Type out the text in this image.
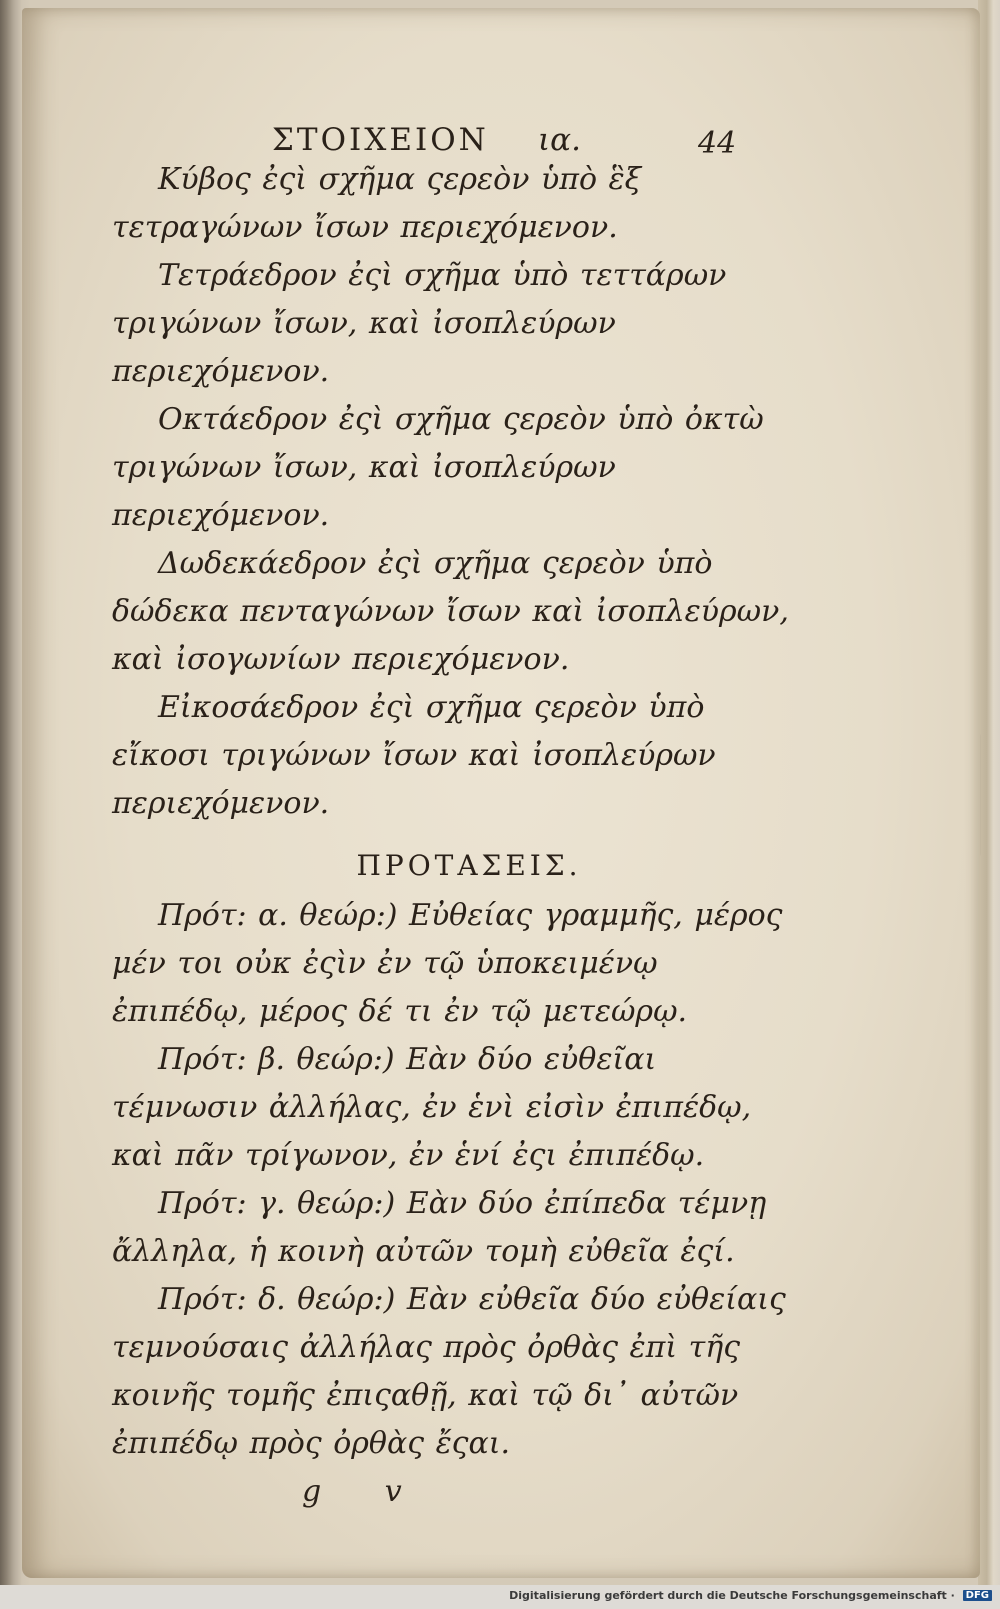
ΣΤΟΙΧΕΙΟΝ ια.	44

Κύβος ἐςὶ σχῆμα ςερεὸν ὑπὸ ἓξ τετραγώνων ἴσων περιεχόμενον.

Τετράεδρον ἐςὶ σχῆμα ὑπὸ τεττάρων τριγώνων ἴσων, καὶ ἰσοπλεύρων περιεχόμενον.

Οκτάεδρον ἐςὶ σχῆμα ςερεὸν ὑπὸ ὀκτὼ τριγώνων ἴσων, καὶ ἰσοπλεύρων περιεχόμενον.

Δωδεκάεδρον ἐςὶ σχῆμα ςερεὸν ὑπὸ δώδεκα πενταγώνων ἴσων καὶ ἰσοπλεύρων, καὶ ἰσογωνίων περιεχόμενον.

Εἰκοσάεδρον ἐςὶ σχῆμα ςερεὸν ὑπὸ εἴκοσι τριγώνων ἴσων καὶ ἰσοπλεύρων περιεχόμενον.

ΠΡΟΤΑΣΕΙΣ.

Πρότ: α. θεώρ:) Εὐθείας γραμμῆς, μέρος μέν τοι οὐκ ἐςὶν ἐν τῷ ὑποκειμένῳ ἐπιπέδῳ, μέρος δέ τι ἐν τῷ μετεώρῳ.

Πρότ: β. θεώρ:) Εὰν δύο εὐθεῖαι τέμνωσιν ἀλλήλας, ἐν ἑνὶ εἰσὶν ἐπιπέδῳ, καὶ πᾶν τρίγωνον, ἐν ἑνί ἐςι ἐπιπέδῳ.

Πρότ: γ. θεώρ:) Εὰν δύο ἐπίπεδα τέμνῃ ἄλληλα, ἡ κοινὴ αὐτῶν τομὴ εὐθεῖα ἐςί.

Πρότ: δ. θεώρ:) Εὰν εὐθεῖα δύο εὐθείαις τεμνούσαις ἀλλήλας πρὸς ὀρθὰς ἐπὶ τῆς κοινῆς τομῆς ἐπιςαθῇ, καὶ τῷ δι᾽ αὐτῶν ἐπιπέδῳ πρὸς ὀρθὰς ἔςαι.

g v

Digitalisierung gefördert durch die Deutsche Forschungsgemeinschaft · DFG
